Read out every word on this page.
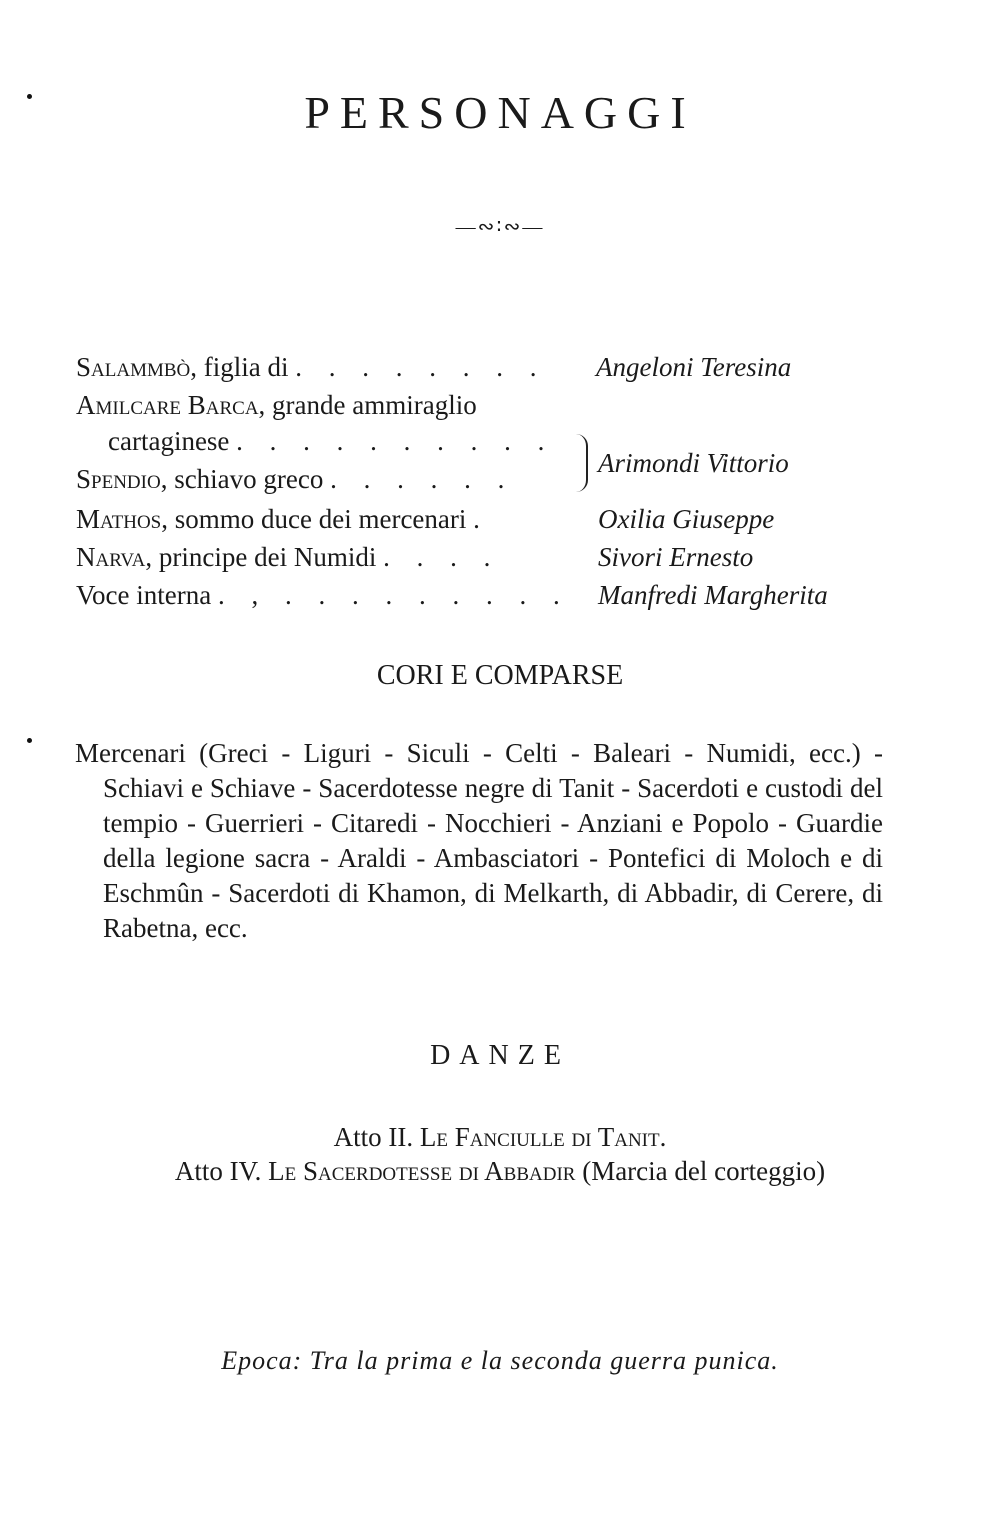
PERSONAGGI
—∾∶∾—
Salammbò, figlia di . . . . . . . . Angeloni Teresina
Amilcare Barca, grande ammiraglio
cartaginese . . . . . . . . . .
Spendio, schiavo greco . . . . . .
Arimondi Vittorio
Mathos, sommo duce dei mercenari .	Oxilia Giuseppe
Narva, principe dei Numidi . . . .	Sivori Ernesto
Voce interna . , . . . . . . . . . Manfredi Margherita
CORI E COMPARSE
Mercenari (Greci - Liguri - Siculi - Celti - Baleari - Numidi, ecc.) - Schiavi e Schiave - Sacerdotesse negre di Tanit - Sacerdoti e custodi del tempio - Guerrieri - Citaredi - Nocchieri - Anziani e Popolo - Guardie della legione sacra - Araldi - Ambasciatori - Pontefici di Moloch e di Eschmûn - Sacerdoti di Khamon, di Melkarth, di Abbadir, di Cerere, di Rabetna, ecc.
DANZE
Atto II. Le Fanciulle di Tanit.
Atto IV. Le Sacerdotesse di Abbadir (Marcia del corteggio)
Epoca: Tra la prima e la seconda guerra punica.
